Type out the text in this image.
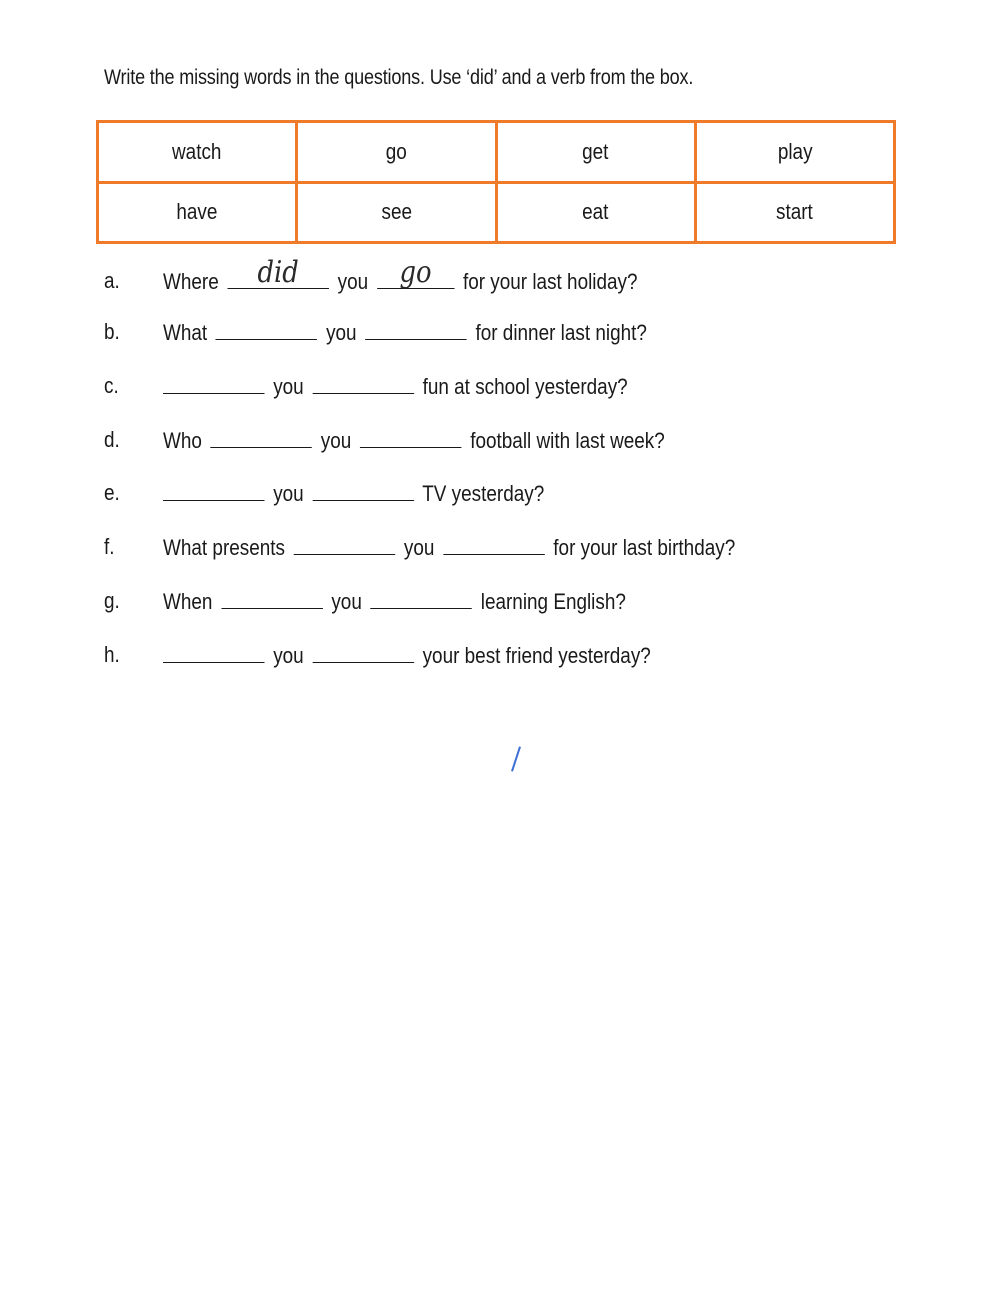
Write the missing words in the questions. Use ‘did’ and a verb from the box.
watch	go	get	play
have	see	eat	start
a. Where	did	you	go	for your last holiday?
b. What	you	for dinner last night?
c.	you	fun at school yesterday?
d. Who	you	football with last week?
e.	you	TV yesterday?
f. What presents	you	for your last birthday?
g. When	you	learning English?
h.	you	your best friend yesterday?
